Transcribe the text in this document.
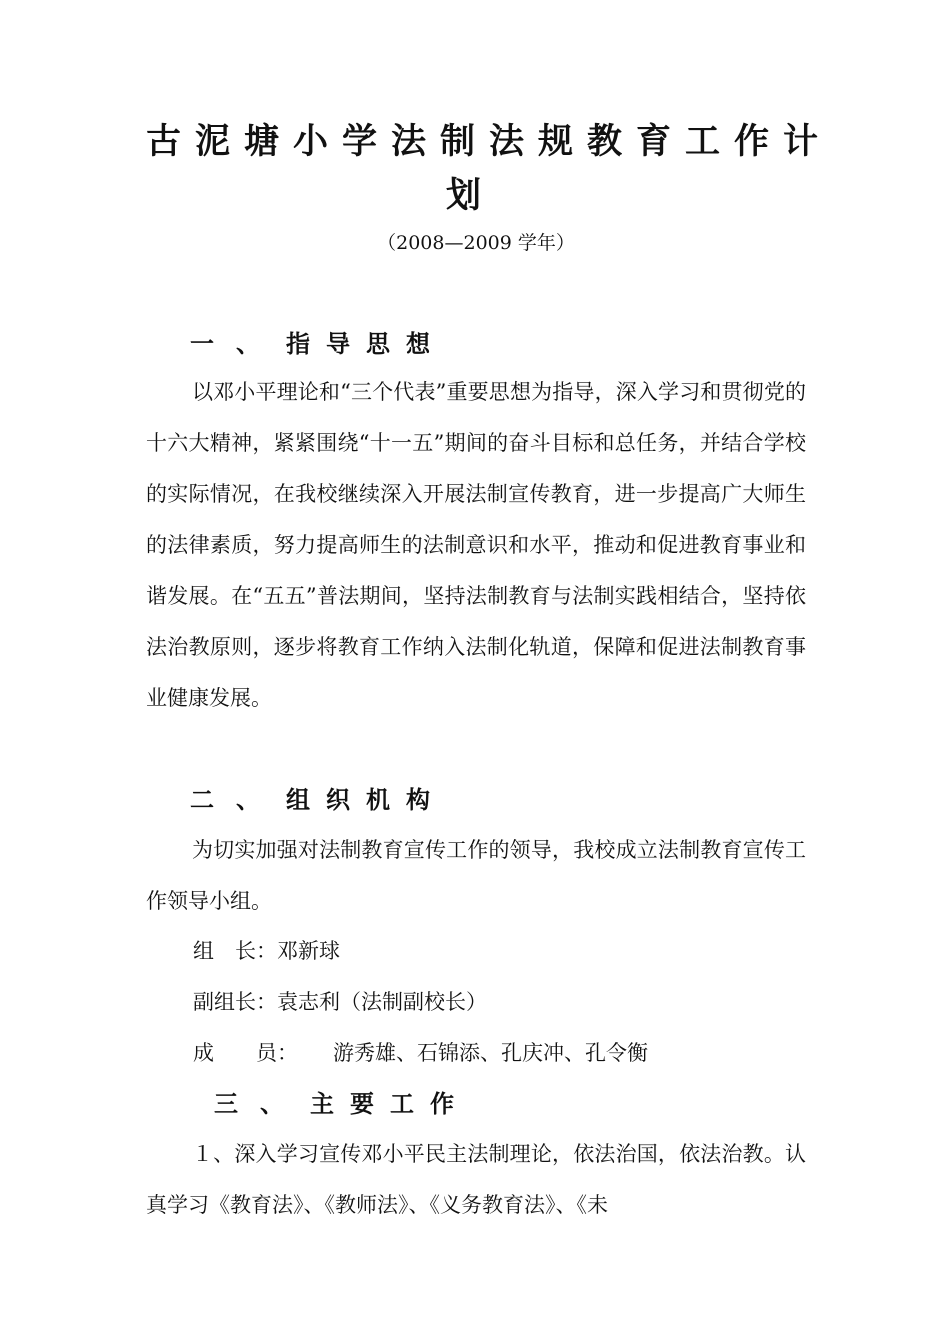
古泥塘小学法制法规教育工作计
划
（2008—2009 学年）
一 、 指导思想
以邓小平理论和“三个代表”重要思想为指导，深入学习和贯彻党的十六大精神，紧紧围绕“十一五”期间的奋斗目标和总任务，并结合学校的实际情况，在我校继续深入开展法制宣传教育，进一步提高广大师生的法律素质，努力提高师生的法制意识和水平，推动和促进教育事业和谐发展。在“五五”普法期间，坚持法制教育与法制实践相结合，坚持依法治教原则，逐步将教育工作纳入法制化轨道，保障和促进法制教育事业健康发展。
二 、 组织机构
为切实加强对法制教育宣传工作的领导，我校成立法制教育宣传工作领导小组。
组　长：邓新球
副组长：袁志利（法制副校长）
成　　员： 游秀雄、石锦添、孔庆冲、孔令衡
三 、 主要工作
１、深入学习宣传邓小平民主法制理论，依法治国，依法治教。认真学习《教育法》、《教师法》、《义务教育法》、《未
